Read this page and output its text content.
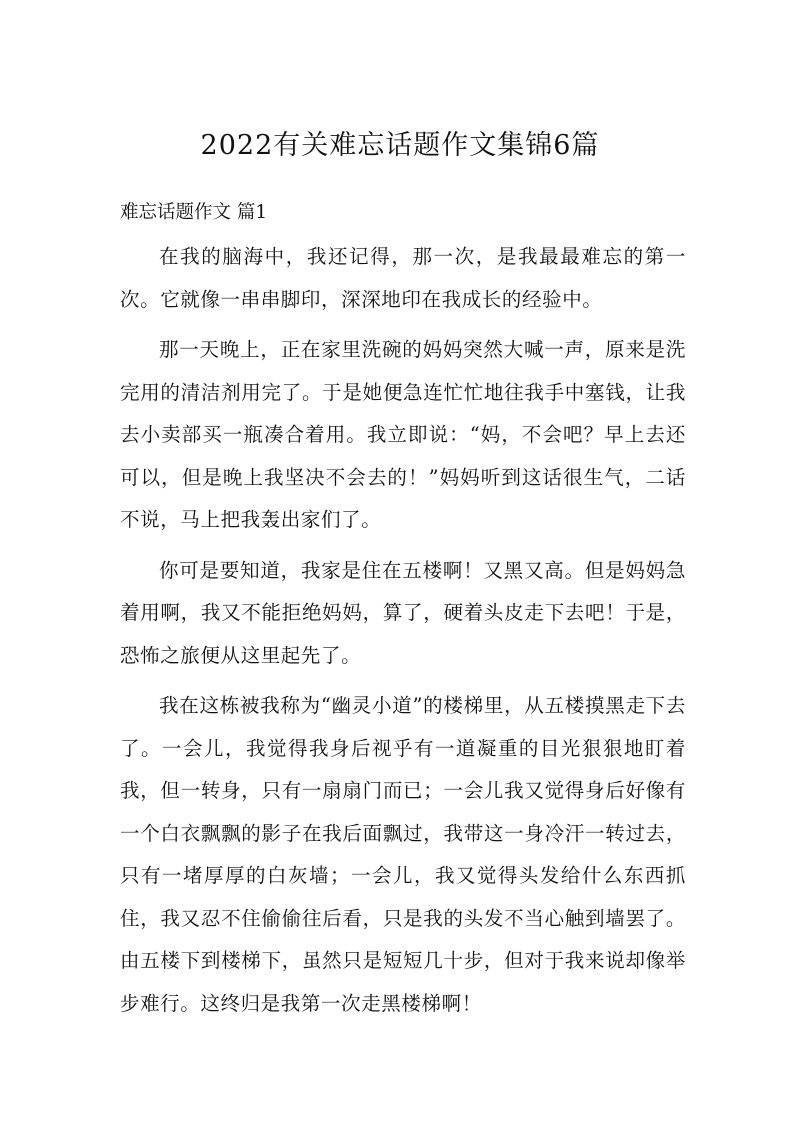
2022有关难忘话题作文集锦6篇
难忘话题作文 篇1

在我的脑海中，我还记得，那一次，是我最最难忘的第一次。它就像一串串脚印，深深地印在我成长的经验中。

那一天晚上，正在家里洗碗的妈妈突然大喊一声，原来是洗完用的清洁剂用完了。于是她便急连忙忙地往我手中塞钱，让我去小卖部买一瓶凑合着用。我立即说：“妈，不会吧？早上去还可以，但是晚上我坚决不会去的！”妈妈听到这话很生气，二话不说，马上把我轰出家们了。

你可是要知道，我家是住在五楼啊！又黑又高。但是妈妈急着用啊，我又不能拒绝妈妈，算了，硬着头皮走下去吧！于是，恐怖之旅便从这里起先了。

我在这栋被我称为“幽灵小道”的楼梯里，从五楼摸黑走下去了。一会儿，我觉得我身后视乎有一道凝重的目光狠狠地盯着我，但一转身，只有一扇扇门而已；一会儿我又觉得身后好像有一个白衣飘飘的影子在我后面飘过，我带这一身冷汗一转过去，只有一堵厚厚的白灰墙；一会儿，我又觉得头发给什么东西抓住，我又忍不住偷偷往后看，只是我的头发不当心触到墙罢了。由五楼下到楼梯下，虽然只是短短几十步，但对于我来说却像举步难行。这终归是我第一次走黑楼梯啊！
